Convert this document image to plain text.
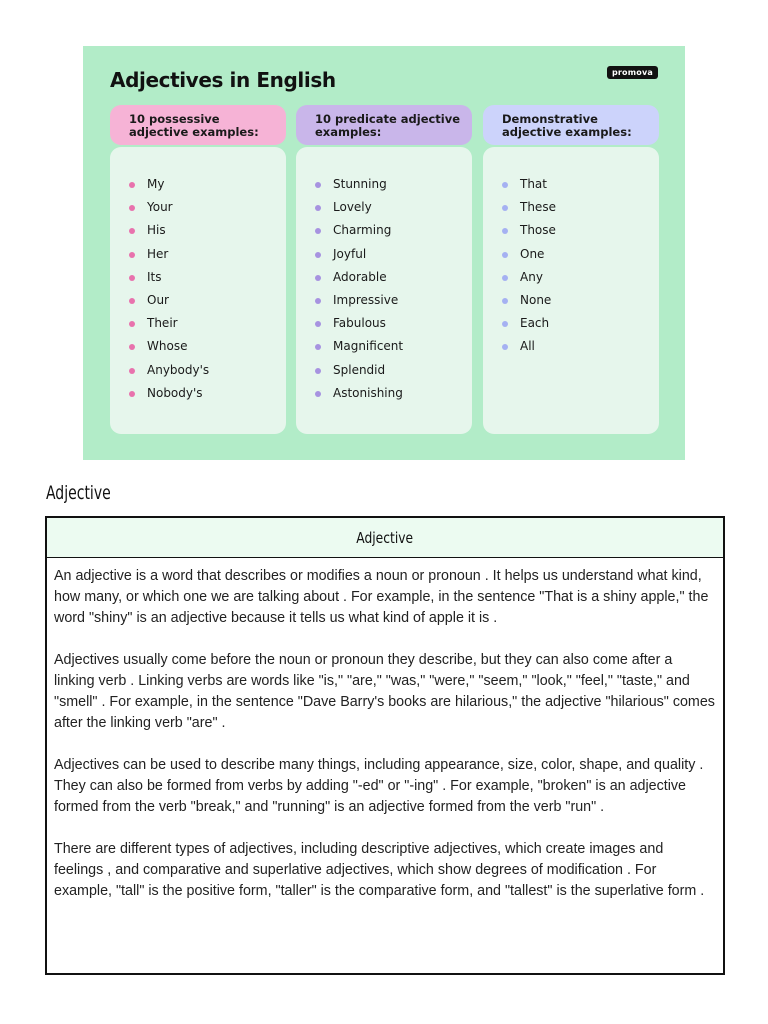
Adjectives in English	promova
10 possessive adjective examples:
My
Your
His
Her
Its
Our
Their
Whose
Anybody's
Nobody's
10 predicate adjective examples:
Stunning
Lovely
Charming
Joyful
Adorable
Impressive
Fabulous
Magnificent
Splendid
Astonishing
Demonstrative adjective examples:
That
These
Those
One
Any
None
Each
All
Adjective
Adjective

An adjective is a word that describes or modifies a noun or pronoun . It helps us understand what kind, how many, or which one we are talking about . For example, in the sentence "That is a shiny apple," the word "shiny" is an adjective because it tells us what kind of apple it is .

Adjectives usually come before the noun or pronoun they describe, but they can also come after a linking verb . Linking verbs are words like "is," "are," "was," "were," "seem," "look," "feel," "taste," and "smell" . For example, in the sentence "Dave Barry's books are hilarious," the adjective "hilarious" comes after the linking verb "are" .

Adjectives can be used to describe many things, including appearance, size, color, shape, and quality . They can also be formed from verbs by adding "-ed" or "-ing" . For example, "broken" is an adjective formed from the verb "break," and "running" is an adjective formed from the verb "run" .

There are different types of adjectives, including descriptive adjectives, which create images and feelings , and comparative and superlative adjectives, which show degrees of modification . For example, "tall" is the positive form, "taller" is the comparative form, and "tallest" is the superlative form .
